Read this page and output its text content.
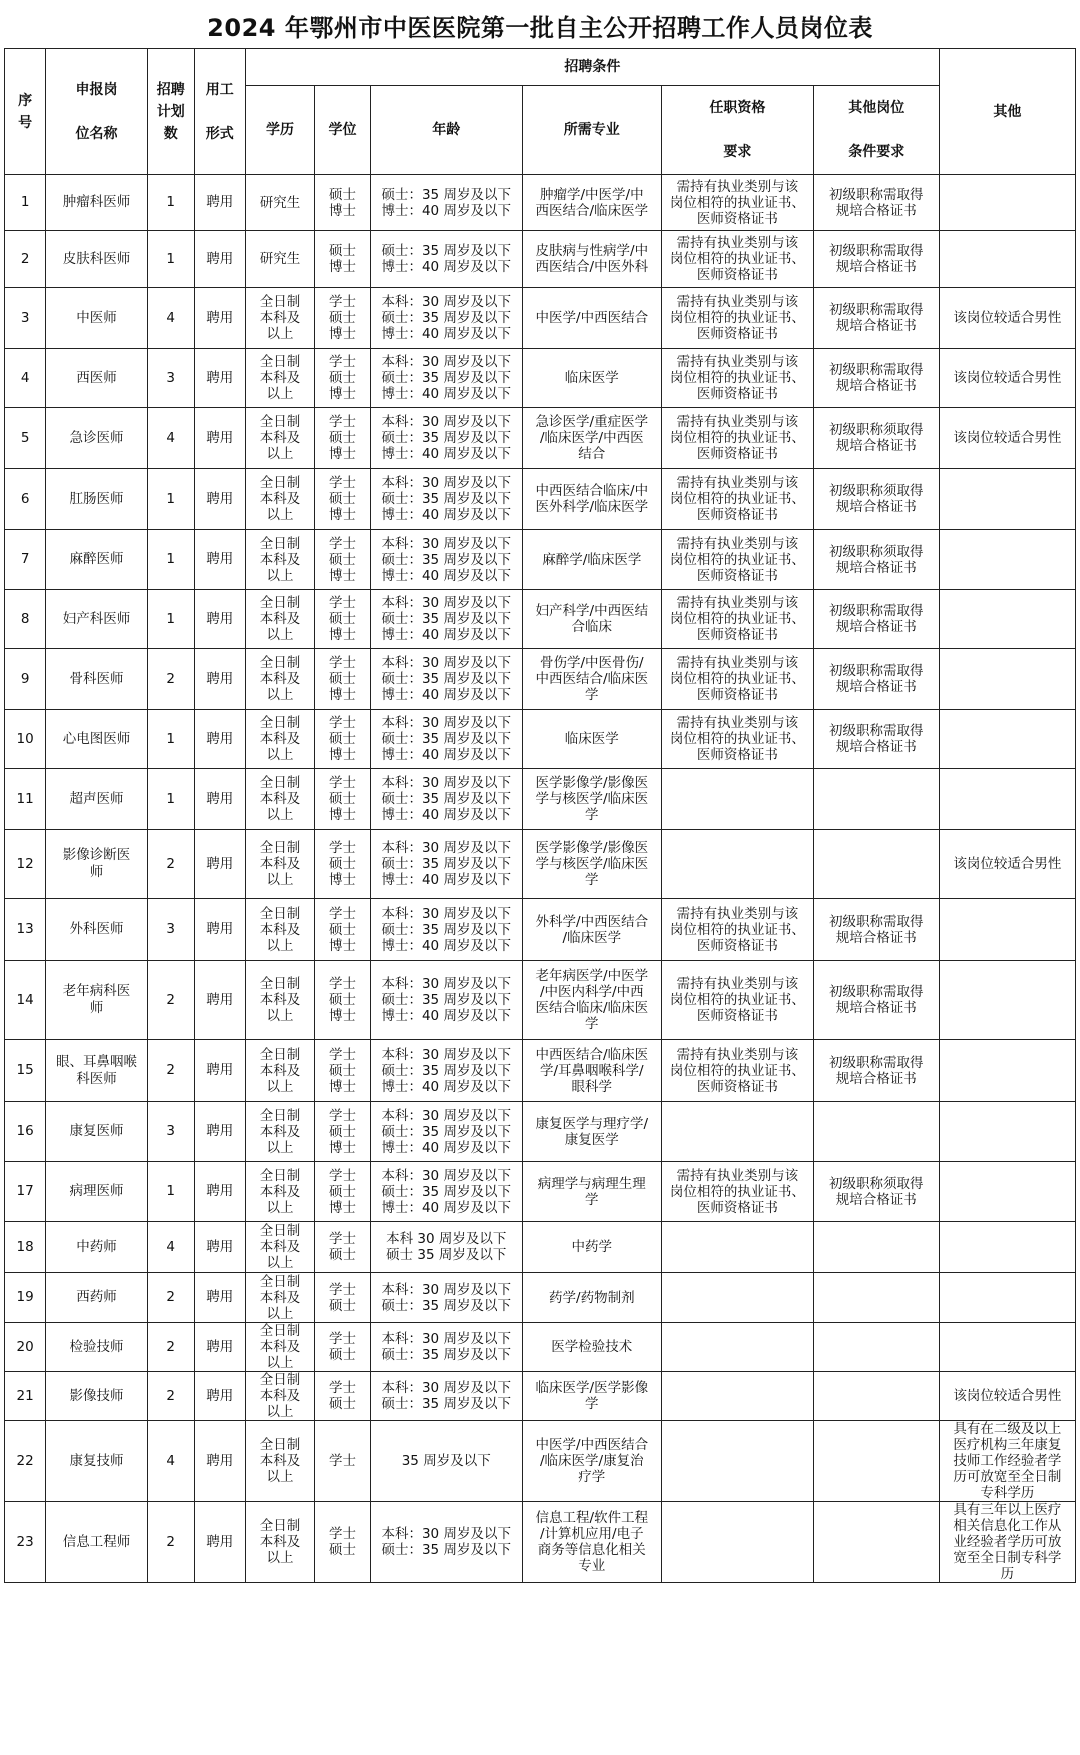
2024 年鄂州市中医医院第一批自主公开招聘工作人员岗位表
序
号	申报岗
位名称	招聘
计划
数	用工
形式	招聘条件						其他
				学历	学位	年龄	所需专业	任职资格
要求	其他岗位
条件要求	
1	肿瘤科医师	1	聘用	研究生	硕士
博士	硕士：35 周岁及以下
博士：40 周岁及以下	肿瘤学/中医学/中
西医结合/临床医学	需持有执业类别与该
岗位相符的执业证书、
医师资格证书	初级职称需取得
规培合格证书	
2	皮肤科医师	1	聘用	研究生	硕士
博士	硕士：35 周岁及以下
博士：40 周岁及以下	皮肤病与性病学/中
西医结合/中医外科	需持有执业类别与该
岗位相符的执业证书、
医师资格证书	初级职称需取得
规培合格证书	
3	中医师	4	聘用	全日制
本科及
以上	学士
硕士
博士	本科：30 周岁及以下
硕士：35 周岁及以下
博士：40 周岁及以下	中医学/中西医结合	需持有执业类别与该
岗位相符的执业证书、
医师资格证书	初级职称需取得
规培合格证书	该岗位较适合男性
4	西医师	3	聘用	全日制
本科及
以上	学士
硕士
博士	本科：30 周岁及以下
硕士：35 周岁及以下
博士：40 周岁及以下	临床医学	需持有执业类别与该
岗位相符的执业证书、
医师资格证书	初级职称需取得
规培合格证书	该岗位较适合男性
5	急诊医师	4	聘用	全日制
本科及
以上	学士
硕士
博士	本科：30 周岁及以下
硕士：35 周岁及以下
博士：40 周岁及以下	急诊医学/重症医学
/临床医学/中西医
结合	需持有执业类别与该
岗位相符的执业证书、
医师资格证书	初级职称须取得
规培合格证书	该岗位较适合男性
6	肛肠医师	1	聘用	全日制
本科及
以上	学士
硕士
博士	本科：30 周岁及以下
硕士：35 周岁及以下
博士：40 周岁及以下	中西医结合临床/中
医外科学/临床医学	需持有执业类别与该
岗位相符的执业证书、
医师资格证书	初级职称须取得
规培合格证书	
7	麻醉医师	1	聘用	全日制
本科及
以上	学士
硕士
博士	本科：30 周岁及以下
硕士：35 周岁及以下
博士：40 周岁及以下	麻醉学/临床医学	需持有执业类别与该
岗位相符的执业证书、
医师资格证书	初级职称须取得
规培合格证书	
8	妇产科医师	1	聘用	全日制
本科及
以上	学士
硕士
博士	本科：30 周岁及以下
硕士：35 周岁及以下
博士：40 周岁及以下	妇产科学/中西医结
合临床	需持有执业类别与该
岗位相符的执业证书、
医师资格证书	初级职称需取得
规培合格证书	
9	骨科医师	2	聘用	全日制
本科及
以上	学士
硕士
博士	本科：30 周岁及以下
硕士：35 周岁及以下
博士：40 周岁及以下	骨伤学/中医骨伤/
中西医结合/临床医
学	需持有执业类别与该
岗位相符的执业证书、
医师资格证书	初级职称需取得
规培合格证书	
10	心电图医师	1	聘用	全日制
本科及
以上	学士
硕士
博士	本科：30 周岁及以下
硕士：35 周岁及以下
博士：40 周岁及以下	临床医学	需持有执业类别与该
岗位相符的执业证书、
医师资格证书	初级职称需取得
规培合格证书	
11	超声医师	1	聘用	全日制
本科及
以上	学士
硕士
博士	本科：30 周岁及以下
硕士：35 周岁及以下
博士：40 周岁及以下	医学影像学/影像医
学与核医学/临床医
学			
12	影像诊断医
师	2	聘用	全日制
本科及
以上	学士
硕士
博士	本科：30 周岁及以下
硕士：35 周岁及以下
博士：40 周岁及以下	医学影像学/影像医
学与核医学/临床医
学			该岗位较适合男性
13	外科医师	3	聘用	全日制
本科及
以上	学士
硕士
博士	本科：30 周岁及以下
硕士：35 周岁及以下
博士：40 周岁及以下	外科学/中西医结合
/临床医学	需持有执业类别与该
岗位相符的执业证书、
医师资格证书	初级职称需取得
规培合格证书	
14	老年病科医
师	2	聘用	全日制
本科及
以上	学士
硕士
博士	本科：30 周岁及以下
硕士：35 周岁及以下
博士：40 周岁及以下	老年病医学/中医学
/中医内科学/中西
医结合临床/临床医
学	需持有执业类别与该
岗位相符的执业证书、
医师资格证书	初级职称需取得
规培合格证书	
15	眼、耳鼻咽喉
科医师	2	聘用	全日制
本科及
以上	学士
硕士
博士	本科：30 周岁及以下
硕士：35 周岁及以下
博士：40 周岁及以下	中西医结合/临床医
学/耳鼻咽喉科学/
眼科学	需持有执业类别与该
岗位相符的执业证书、
医师资格证书	初级职称需取得
规培合格证书	
16	康复医师	3	聘用	全日制
本科及
以上	学士
硕士
博士	本科：30 周岁及以下
硕士：35 周岁及以下
博士：40 周岁及以下	康复医学与理疗学/
康复医学			
17	病理医师	1	聘用	全日制
本科及
以上	学士
硕士
博士	本科：30 周岁及以下
硕士：35 周岁及以下
博士：40 周岁及以下	病理学与病理生理
学	需持有执业类别与该
岗位相符的执业证书、
医师资格证书	初级职称须取得
规培合格证书	
18	中药师	4	聘用	全日制
本科及
以上	学士
硕士	本科 30 周岁及以下
硕士 35 周岁及以下	中药学			
19	西药师	2	聘用	全日制
本科及
以上	学士
硕士	本科：30 周岁及以下
硕士：35 周岁及以下	药学/药物制剂			
20	检验技师	2	聘用	全日制
本科及
以上	学士
硕士	本科：30 周岁及以下
硕士：35 周岁及以下	医学检验技术			
21	影像技师	2	聘用	全日制
本科及
以上	学士
硕士	本科：30 周岁及以下
硕士：35 周岁及以下	临床医学/医学影像
学			该岗位较适合男性
22	康复技师	4	聘用	全日制
本科及
以上	学士	35 周岁及以下	中医学/中西医结合
/临床医学/康复治
疗学			具有在二级及以上
医疗机构三年康复
技师工作经验者学
历可放宽至全日制
专科学历
23	信息工程师	2	聘用	全日制
本科及
以上	学士
硕士	本科：30 周岁及以下
硕士：35 周岁及以下	信息工程/软件工程
/计算机应用/电子
商务等信息化相关
专业			具有三年以上医疗
相关信息化工作从
业经验者学历可放
宽至全日制专科学
历
